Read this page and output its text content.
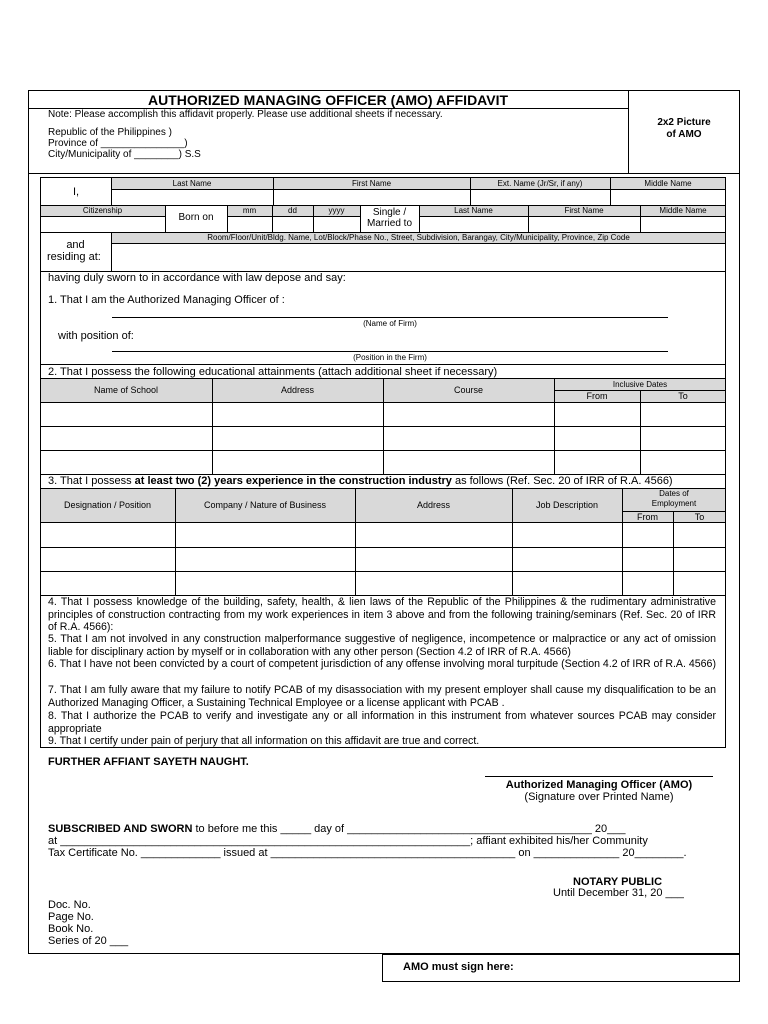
AUTHORIZED MANAGING OFFICER (AMO) AFFIDAVIT
Note: Please accomplish this affidavit properly. Please use additional sheets if necessary.
Republic of the Philippines )
Province of _______________)
City/Municipality of ________) S.S
2x2 Picture
of AMO
I,
Last Name	First Name	Ext. Name (Jr/Sr, if any)	Middle Name
Citizenship
Born on
mm	dd	yyyy	Single /
Married to
Last Name	First Name	Middle Name
Room/Floor/Unit/Bldg. Name, Lot/Block/Phase No., Street, Subdivision, Barangay, City/Municipality, Province, Zip Code
and
residing at:
having duly sworn to in accordance with law depose and say:
1. That I am the Authorized Managing Officer of :
(Name of Firm)
with position of:
(Position in the Firm)
2. That I possess the following educational attainments (attach additional sheet if necessary)
Name of School	Address	Course
Inclusive Dates
From	To
3. That I possess at least two (2) years experience in the construction industry as follows (Ref. Sec. 20 of IRR of R.A. 4566)
Designation / Position	Company / Nature of Business	Address	Job Description
Dates of
Employment
From	To
4. That I possess knowledge of the building, safety, health, & lien laws of the Republic of the Philippines & the rudimentary administrative principles of construction contracting from my work experiences in item 3 above and from the following training/seminars (Ref. Sec. 20 of IRR of R.A. 4566):
5. That I am not involved in any construction malperformance suggestive of negligence, incompetence or malpractice or any act of omission liable for disciplinary action by myself or in collaboration with any other person (Section 4.2 of IRR of R.A. 4566)
6. That I have not been convicted by a court of competent jurisdiction of any offense involving moral turpitude (Section 4.2 of IRR of R.A. 4566)
7. That I am fully aware that my failure to notify PCAB of my disassociation with my present employer shall cause my disqualification to be an Authorized Managing Officer, a Sustaining Technical Employee or a license applicant with PCAB .
8. That I authorize the PCAB to verify and investigate any or all information in this instrument from whatever sources PCAB may consider appropriate
9. That I certify under pain of perjury that all information on this affidavit are true and correct.
FURTHER AFFIANT SAYETH NAUGHT.
Authorized Managing Officer (AMO)
(Signature over Printed Name)
SUBSCRIBED AND SWORN to before me this _____ day of ________________________________________ 20___
at ___________________________________________________________________; affiant exhibited his/her Community
Tax Certificate No. _____________ issued at ________________________________________ on ______________ 20________.
NOTARY PUBLIC
Until December 31, 20 ___
Doc. No.
Page No.
Book No.
Series of 20 ___
AMO must sign here:
